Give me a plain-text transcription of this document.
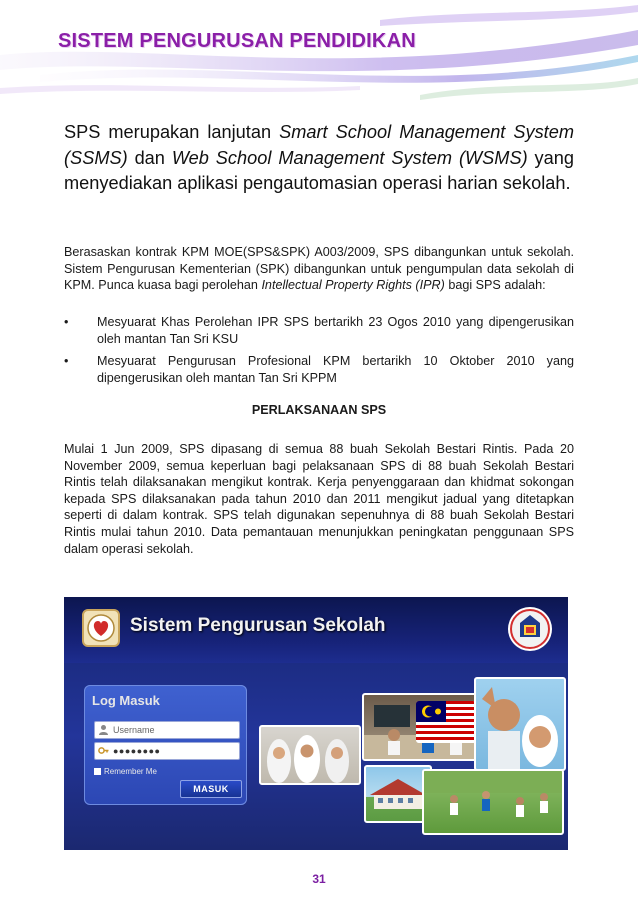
SISTEM PENGURUSAN PENDIDIKAN

SPS merupakan lanjutan Smart School Management System (SSMS) dan Web School Management System (WSMS) yang menyediakan aplikasi pengautomasian operasi harian sekolah.

Berasaskan kontrak KPM MOE(SPS&SPK) A003/2009, SPS dibangunkan untuk sekolah. Sistem Pengurusan Kementerian (SPK) dibangunkan untuk pengumpulan data sekolah di KPM. Punca kuasa bagi perolehan Intellectual Property Rights (IPR) bagi SPS adalah:

• Mesyuarat Khas Perolehan IPR SPS bertarikh 23 Ogos 2010 yang dipengerusikan oleh mantan Tan Sri KSU
• Mesyuarat Pengurusan Profesional KPM bertarikh 10 Oktober 2010 yang dipengerusikan oleh mantan Tan Sri KPPM
PERLAKSANAAN SPS

Mulai 1 Jun 2009, SPS dipasang di semua 88 buah Sekolah Bestari Rintis. Pada 20 November 2009, semua keperluan bagi pelaksanaan SPS di 88 buah Sekolah Bestari Rintis telah dilaksanakan mengikut kontrak. Kerja penyenggaraan dan khidmat sokongan kepada SPS dilaksanakan pada tahun 2010 dan 2011 mengikut jadual yang ditetapkan seperti di dalam kontrak. SPS telah digunakan sepenuhnya di 88 buah Sekolah Bestari Rintis mulai tahun 2010. Data pemantauan menunjukkan peningkatan penggunaan SPS dalam operasi sekolah.

Sistem Pengurusan Sekolah
Log Masuk
Username
●●●●●●●●
Remember Me
MASUK

31
